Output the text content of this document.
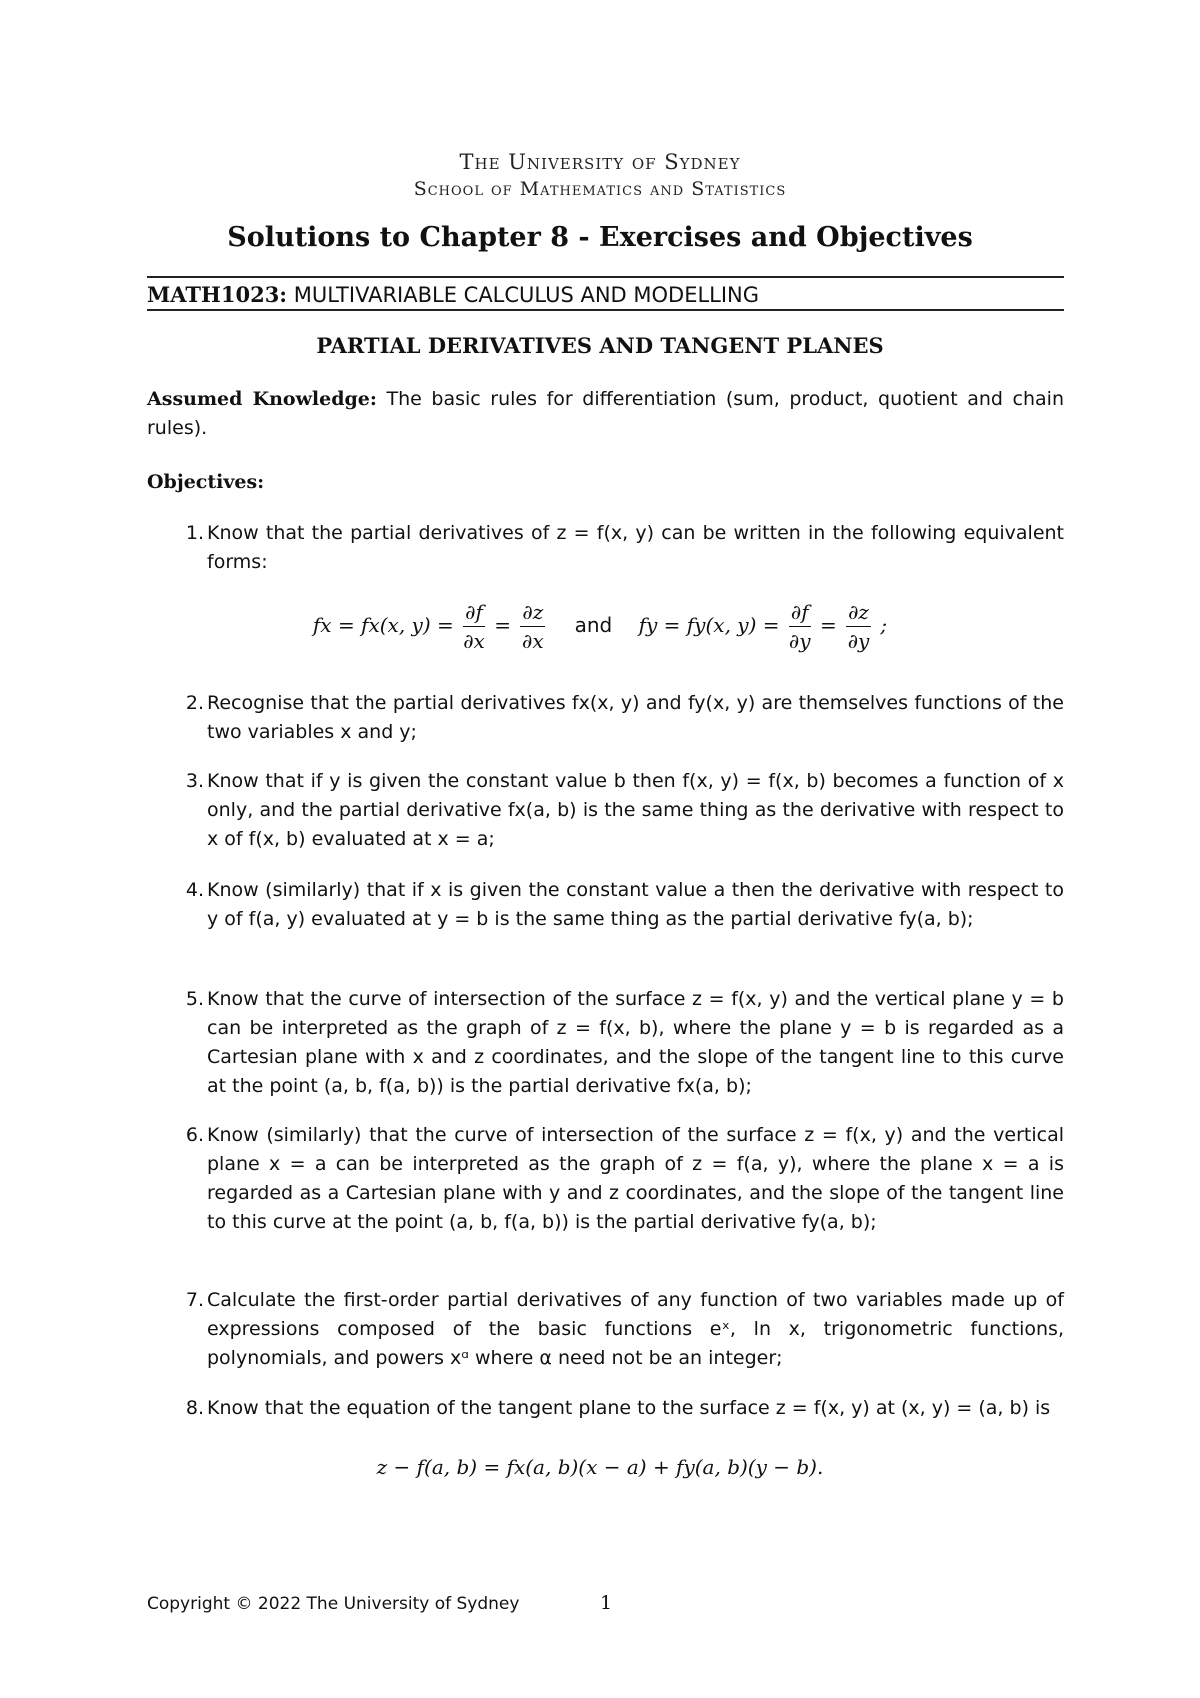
The University of Sydney
School of Mathematics and Statistics
Solutions to Chapter 8 - Exercises and Objectives
MATH1023: MULTIVARIABLE CALCULUS AND MODELLING
PARTIAL DERIVATIVES AND TANGENT PLANES
Assumed Knowledge: The basic rules for differentiation (sum, product, quotient and chain rules).
Objectives:
1. Know that the partial derivatives of z = f(x, y) can be written in the following equivalent forms:
fx = fx(x, $y) = \frac{\partial f}{\partial x} = \frac{\partial z}{\partial x}$ and fy = fy(x, $y) = \frac{\partial f}{\partial y} = \frac{\partial z}{\partial y}$ ;
2. Recognise that the partial derivatives fx(x, y) and fy(x, y) are themselves functions of the two variables x and y;
3. Know that if y is given the constant value b then f(x, y) = f(x, b) becomes a function of x only, and the partial derivative fx(a, b) is the same thing as the derivative with respect to x of f(x, b) evaluated at x = a;
4. Know (similarly) that if x is given the constant value a then the derivative with respect to y of f(a, y) evaluated at y = b is the same thing as the partial derivative fy(a, b);
5. Know that the curve of intersection of the surface z = f(x, y) and the vertical plane y = b can be interpreted as the graph of z = f(x, b), where the plane y = b is regarded as a Cartesian plane with x and z coordinates, and the slope of the tangent line to this curve at the point (a, b, f(a, b)) is the partial derivative fx(a, b);
6. Know (similarly) that the curve of intersection of the surface z = f(x, y) and the vertical plane x = a can be interpreted as the graph of z = f(a, y), where the plane x = a is regarded as a Cartesian plane with y and z coordinates, and the slope of the tangent line to this curve at the point (a, b, f(a, b)) is the partial derivative fy(a, b);
7. Calculate the first-order partial derivatives of any function of two variables made up of expressions composed of the basic functions eˣ, ln x, trigonometric functions, polynomials, and powers xᵅ where α need not be an integer;
8. Know that the equation of the tangent plane to the surface z = f(x, y) at (x, y) = (a, b) is
z − f(a, b) = fx(a, b)(x − a) + fy(a, b)(y − b).
Copyright © 2022 The University of Sydney	1
